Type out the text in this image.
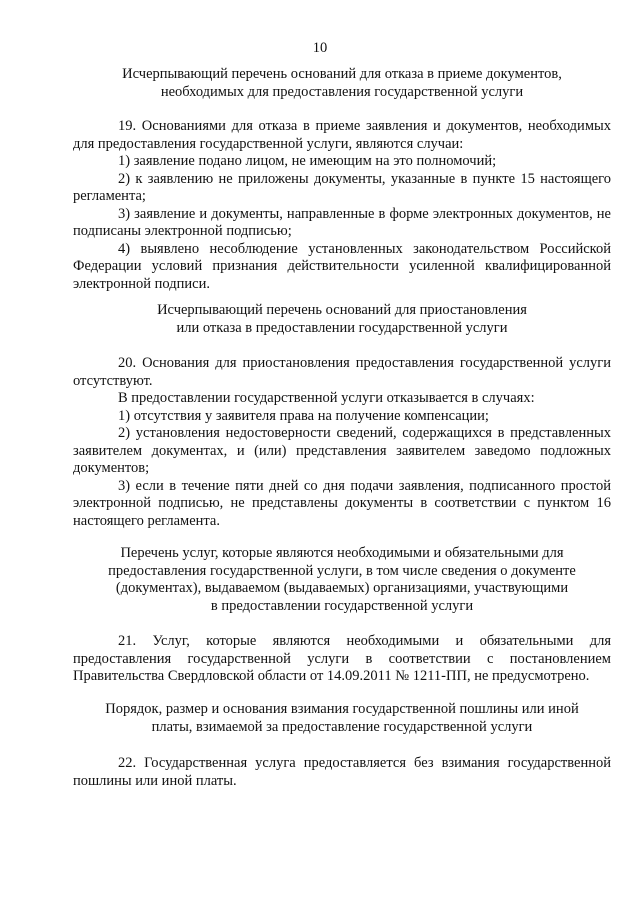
10
Исчерпывающий перечень оснований для отказа в приеме документов,
необходимых для предоставления государственной услуги

19. Основаниями для отказа в приеме заявления и документов, необходимых для предоставления государственной услуги, являются случаи:

1) заявление подано лицом, не имеющим на это полномочий;

2) к заявлению не приложены документы, указанные в пункте 15 настоящего регламента;

3) заявление и документы, направленные в форме электронных документов, не подписаны электронной подписью;

4) выявлено несоблюдение установленных законодательством Российской Федерации условий признания действительности усиленной квалифицированной электронной подписи.

Исчерпывающий перечень оснований для приостановления
или отказа в предоставлении государственной услуги

20. Основания для приостановления предоставления государственной услуги отсутствуют.

В предоставлении государственной услуги отказывается в случаях:

1) отсутствия у заявителя права на получение компенсации;

2) установления недостоверности сведений, содержащихся в представленных заявителем документах, и (или) представления заявителем заведомо подложных документов;

3) если в течение пяти дней со дня подачи заявления, подписанного простой электронной подписью, не представлены документы в соответствии с пунктом 16 настоящего регламента.

Перечень услуг, которые являются необходимыми и обязательными для
предоставления государственной услуги, в том числе сведения о документе
(документах), выдаваемом (выдаваемых) организациями, участвующими
в предоставлении государственной услуги

21. Услуг, которые являются необходимыми и обязательными для предоставления государственной услуги в соответствии с постановлением Правительства Свердловской области от 14.09.2011 № 1211-ПП, не предусмотрено.

Порядок, размер и основания взимания государственной пошлины или иной
платы, взимаемой за предоставление государственной услуги

22. Государственная услуга предоставляется без взимания государственной пошлины или иной платы.
